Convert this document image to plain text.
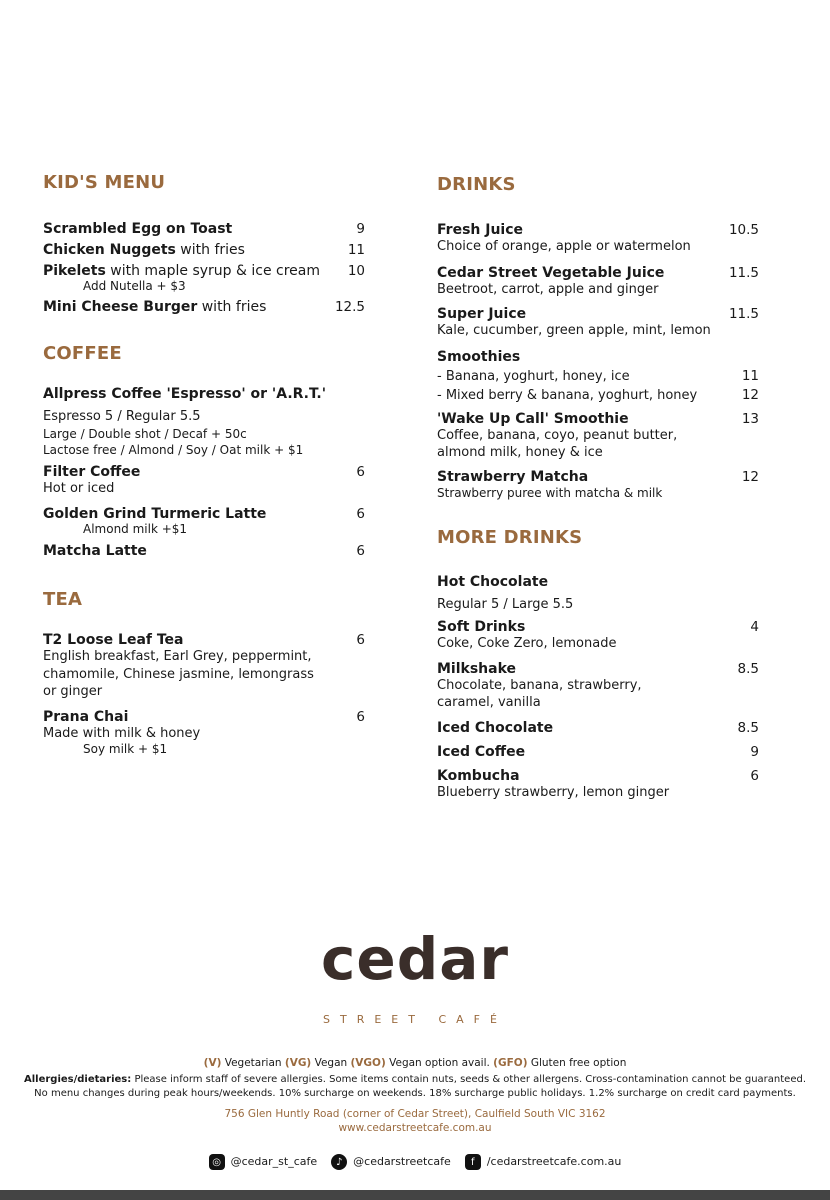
KID'S MENU
Scrambled Egg on Toast	9
Chicken Nuggets with fries	11
Pikelets with maple syrup & ice cream 10
Add Nutella + $3
Mini Cheese Burger with fries	12.5
COFFEE
Allpress Coffee 'Espresso' or 'A.R.T.'
Espresso 5 / Regular 5.5
Large / Double shot / Decaf + 50c
Lactose free / Almond / Soy / Oat milk + $1
Filter Coffee	6
Hot or iced
Golden Grind Turmeric Latte	6
Almond milk +$1
Matcha Latte	6
TEA
T2 Loose Leaf Tea	6
English breakfast, Earl Grey, peppermint, chamomile, Chinese jasmine, lemongrass or ginger
Prana Chai	6
Made with milk & honey
Soy milk + $1
DRINKS
Fresh Juice	10.5
Choice of orange, apple or watermelon
Cedar Street Vegetable Juice	11.5
Beetroot, carrot, apple and ginger
Super Juice	11.5
Kale, cucumber, green apple, mint, lemon
Smoothies
- Banana, yoghurt, honey, ice	11
- Mixed berry & banana, yoghurt, honey	12
'Wake Up Call' Smoothie	13
Coffee, banana, coyo, peanut butter, almond milk, honey & ice
Strawberry Matcha	12
Strawberry puree with matcha & milk
MORE DRINKS
Hot Chocolate
Regular 5 / Large 5.5
Soft Drinks	4
Coke, Coke Zero, lemonade
Milkshake	8.5
Chocolate, banana, strawberry, caramel, vanilla
Iced Chocolate	8.5
Iced Coffee	9
Kombucha	6
Blueberry strawberry, lemon ginger
cedar
STREET CAFÉ
(V) Vegetarian (VG) Vegan (VGO) Vegan option avail. (GFO) Gluten free option
Allergies/dietaries: Please inform staff of severe allergies. Some items contain nuts, seeds & other allergens. Cross-contamination cannot be guaranteed.
No menu changes during peak hours/weekends. 10% surcharge on weekends. 18% surcharge public holidays. 1.2% surcharge on credit card payments.
756 Glen Huntly Road (corner of Cedar Street), Caulfield South VIC 3162
www.cedarstreetcafe.com.au
◎ @cedar_st_cafe	♪ @cedarstreetcafe	f /cedarstreetcafe.com.au
